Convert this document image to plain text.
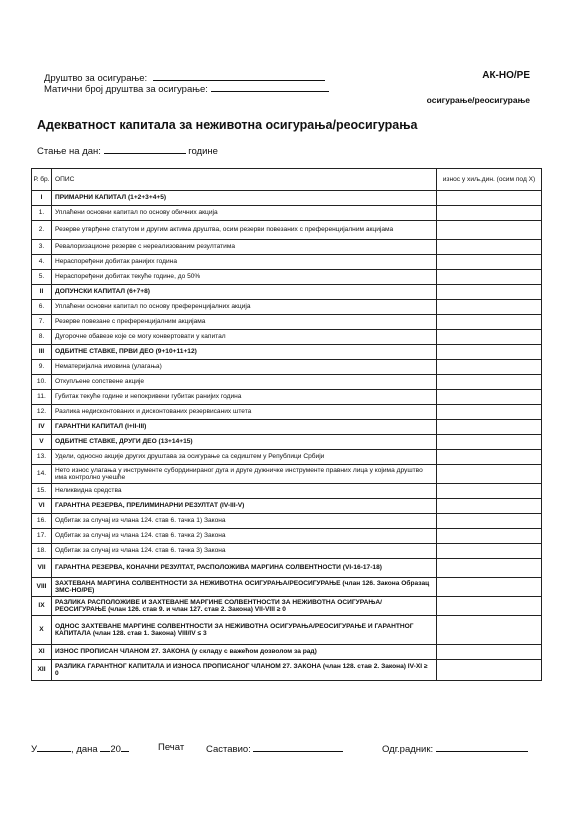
Друштво за осигурање:
Матични број друштва за осигурање:
АК-НО/РЕ
осигурање/реосигурање
Адекватност капитала за неживотна осигурања/реосигурања
Стање на дан:	године
Р. бр.	ОПИС	износ у хиљ.дин. (осим под X)
I	ПРИМАРНИ КАПИТАЛ (1+2+3+4+5)	
1.	Уплаћени основни капитал по основу обичних акција	
2.	Резерве утврђене статутом и другим актима друштва, осим резерви повезаних с преференцијалним акцијама	
3.	Ревалоризационе резерве с нереализованим резултатима	
4.	Нераспоређени добитак ранијих година	
5.	Нераспоређени добитак текуће године, до 50%	
II	ДОПУНСКИ КАПИТАЛ (6+7+8)	
6.	Уплаћени основни капитал по основу преференцијалних акција	
7.	Резерве повезане с преференцијалним акцијама	
8.	Дугорочне обавезе које се могу конвертовати у капитал	
III	ОДБИТНЕ СТАВКЕ, ПРВИ ДЕО (9+10+11+12)	
9.	Нематеријална имовина (улагања)	
10.	Откупљене сопствене акције	
11.	Губитак текуће године и непокривени губитак ранијих година	
12.	Разлика недисконтованих и дисконтованих резервисаних штета	
IV	ГАРАНТНИ КАПИТАЛ (I+II-III)	
V	ОДБИТНЕ СТАВКЕ, ДРУГИ ДЕО (13+14+15)	
13.	Удели, односно акције других друштава за осигурање са седиштем у Републици Србији	
14.	Нето износ улагања у инструменте субординираног дуга и друге дужничке инструменте правних лица у којима друштво има контролно учешће	
15.	Неликвидна средства	
VI	ГАРАНТНА РЕЗЕРВА, ПРЕЛИМИНАРНИ РЕЗУЛТАТ (IV-III-V)	
16.	Одбитак за случај из члана 124. став 6. тачка 1) Закона	
17.	Одбитак за случај из члана 124. став 6. тачка 2) Закона	
18.	Одбитак за случај из члана 124. став 6. тачка 3) Закона	
VII	ГАРАНТНА РЕЗЕРВА, КОНАЧНИ РЕЗУЛТАТ, РАСПОЛОЖИВА МАРГИНА СОЛВЕНТНОСТИ (VI-16-17-18)	
VIII	ЗАХТЕВАНА МАРГИНА СОЛВЕНТНОСТИ ЗА НЕЖИВОТНА ОСИГУРАЊА/РЕОСИГУРАЊЕ (члан 126. Закона Образац ЗМС-НО/РЕ)	
IX	РАЗЛИКА РАСПОЛОЖИВЕ И ЗАХТЕВАНЕ МАРГИНЕ СОЛВЕНТНОСТИ ЗА НЕЖИВОТНА ОСИГУРАЊА/РЕОСИГУРАЊЕ (члан 126. став 9. и члан 127. став 2. Закона) VII-VIII ≥ 0	
X	ОДНОС ЗАХТЕВАНЕ МАРГИНЕ СОЛВЕНТНОСТИ ЗА НЕЖИВОТНА ОСИГУРАЊА/РЕОСИГУРАЊЕ И ГАРАНТНОГ КАПИТАЛА (члан 128. став 1. Закона) VIII/IV ≤ 3	
XI	ИЗНОС ПРОПИСАН ЧЛАНОМ 27. ЗАКОНА (у складу с важећом дозволом за рад)	
XII	РАЗЛИКА ГАРАНТНОГ КАПИТАЛА И ИЗНОСА ПРОПИСАНОГ ЧЛАНОМ 27. ЗАКОНА (члан 128. став 2. Закона) IV-XI ≥ 0	
У	, дана 20	Печат Саставио:	Одг.радник:
